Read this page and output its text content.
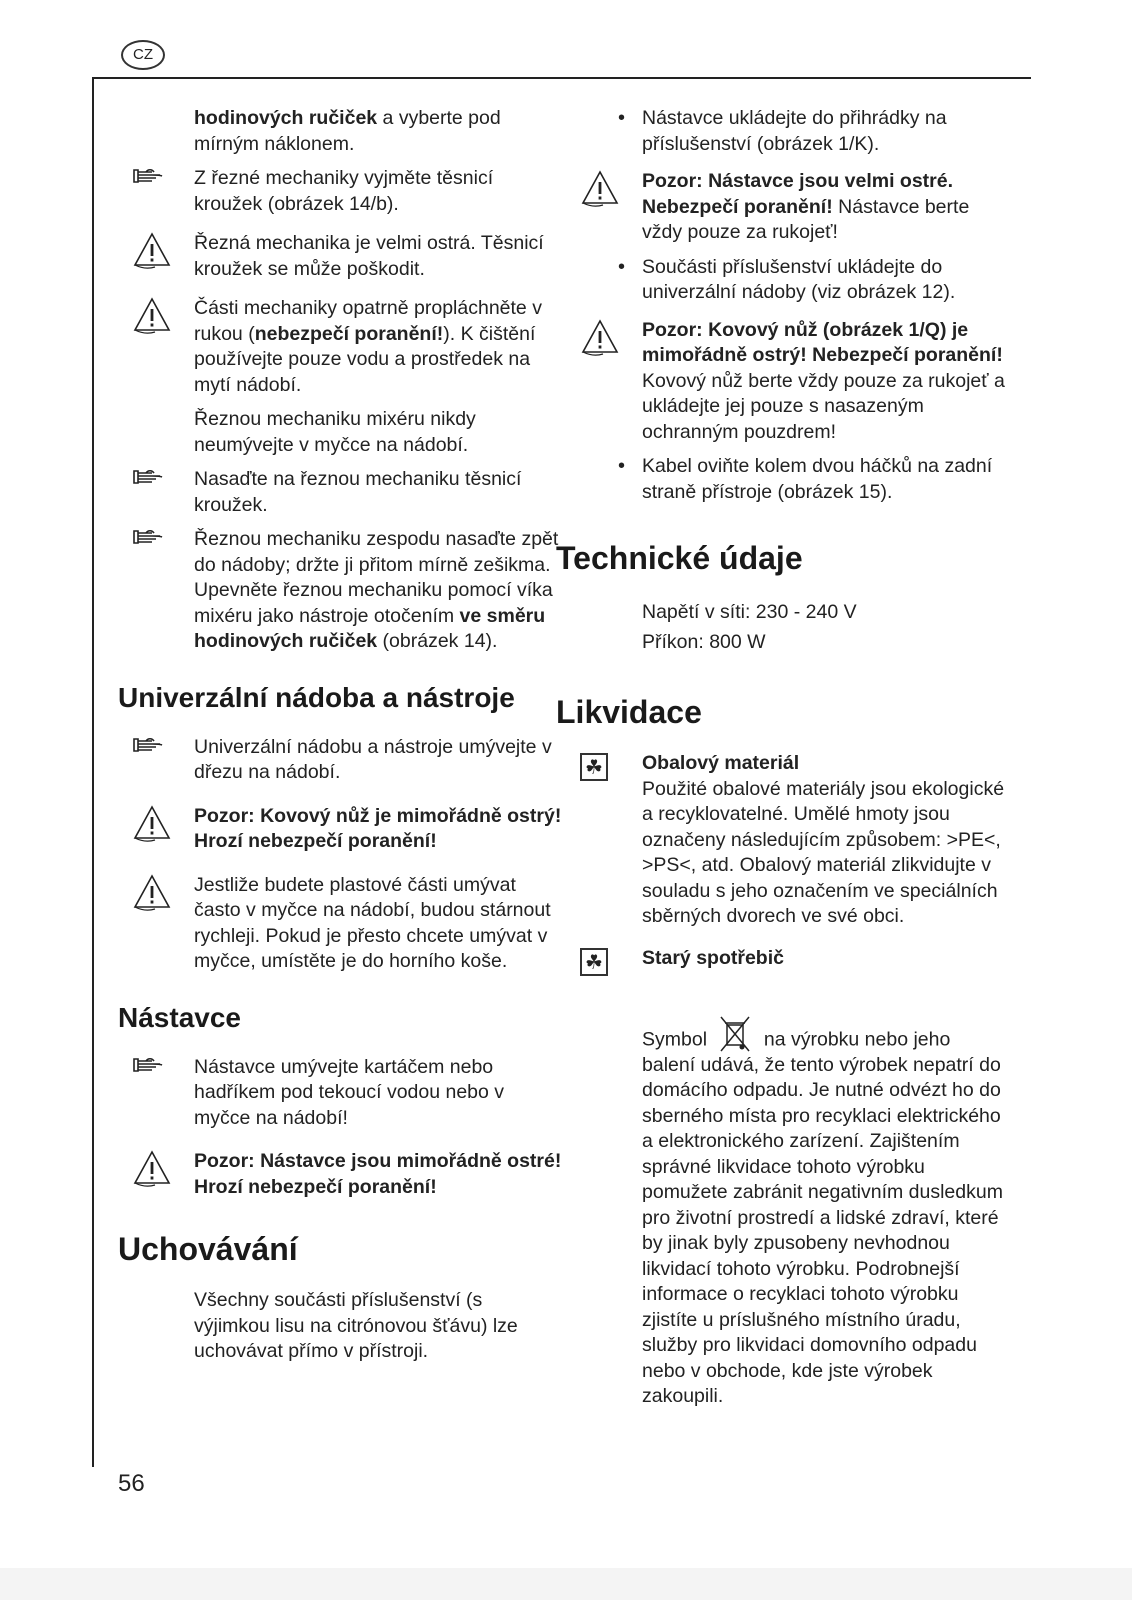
CZ

hodinových ručiček a vyberte pod mírným náklonem.

Z řezné mechaniky vyjměte těsnicí kroužek (obrázek 14/b).

Řezná mechanika je velmi ostrá. Těsnicí kroužek se může poškodit.

Části mechaniky opatrně propláchněte v rukou (nebezpečí poranění!). K čištění používejte pouze vodu a prostředek na mytí nádobí.

Řeznou mechaniku mixéru nikdy neumývejte v myčce na nádobí.

Nasaďte na řeznou mechaniku těsnicí kroužek.

Řeznou mechaniku zespodu nasaďte zpět do nádoby; držte ji přitom mírně zešikma. Upevněte řeznou mechaniku pomocí víka mixéru jako nástroje otočením ve směru hodinových ručiček (obrázek 14).

Univerzální nádoba a nástroje

Univerzální nádobu a nástroje umývejte v dřezu na nádobí.

Pozor: Kovový nůž je mimořádně ostrý! Hrozí nebezpečí poranění!

Jestliže budete plastové části umývat často v myčce na nádobí, budou stárnout rychleji. Pokud je přesto chcete umývat v myčce, umístěte je do horního koše.

Nástavce

Nástavce umývejte kartáčem nebo hadříkem pod tekoucí vodou nebo v myčce na nádobí!

Pozor: Nástavce jsou mimořádně ostré! Hrozí nebezpečí poranění!

Uchovávání

Všechny součásti příslušenství (s výjimkou lisu na citrónovou šťávu) lze uchovávat přímo v přístroji.

• Nástavce ukládejte do přihrádky na příslušenství (obrázek 1/K).

Pozor: Nástavce jsou velmi ostré. Nebezpečí poranění! Nástavce berte vždy pouze za rukojeť!

• Součásti příslušenství ukládejte do univerzální nádoby (viz obrázek 12).

Pozor: Kovový nůž (obrázek 1/Q) je mimořádně ostrý! Nebezpečí poranění! Kovový nůž berte vždy pouze za rukojeť a ukládejte jej pouze s nasazeným ochranným pouzdrem!

• Kabel oviňte kolem dvou háčků na zadní straně přístroje (obrázek 15).

Technické údaje
Napětí v síti: 230 - 240 V
Příkon: 800 W
Likvidace

☘ Obalový materiál
Použité obalové materiály jsou ekologické a recyklovatelné. Umělé hmoty jsou označeny následujícím způsobem: >PE<, >PS<, atd. Obalový materiál zlikvidujte v souladu s jeho označením ve speciálních sběrných dvorech ve své obci.

☘ Starý spotřebič

Symbol	na výrobku nebo jeho balení udává, že tento výrobek nepatrí do domácího odpadu. Je nutné odvézt ho do sberného místa pro recyklaci elektrického a elektronického zarízení. Zajištením správné likvidace tohoto výrobku pomužete zabránit negativním dusledkum pro životní prostredí a lidské zdraví, které by jinak byly zpusobeny nevhodnou likvidací tohoto výrobku. Podrobnejší informace o recyklaci tohoto výrobku zjistíte u príslušného místního úradu, služby pro likvidaci domovního odpadu nebo v obchode, kde jste výrobek zakoupili.

56
